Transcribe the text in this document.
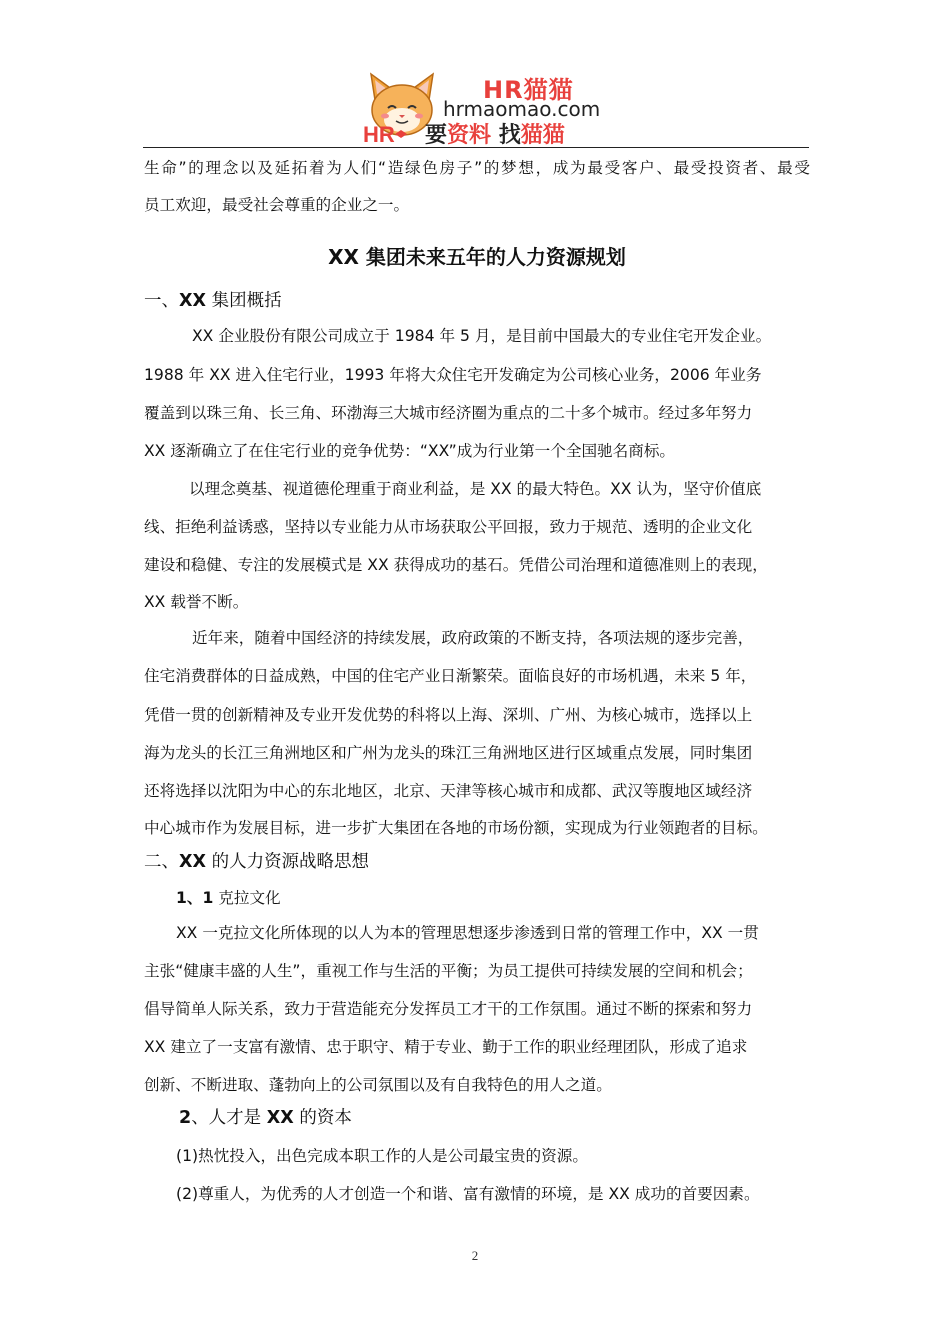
HR
HR猫猫
hrmaomao.com
要资料 找猫猫
生命”的理念以及延拓着为人们“造绿色房子”的梦想，成为最受客户、最受投资者、最受
员工欢迎，最受社会尊重的企业之一。
XX 集团未来五年的人力资源规划
一、XX 集团概括
XX 企业股份有限公司成立于 1984 年 5 月，是目前中国最大的专业住宅开发企业。
1988 年 XX 进入住宅行业，1993 年将大众住宅开发确定为公司核心业务，2006 年业务
覆盖到以珠三角、长三角、环渤海三大城市经济圈为重点的二十多个城市。经过多年努力
XX 逐渐确立了在住宅行业的竞争优势：“XX”成为行业第一个全国驰名商标。
以理念奠基、视道德伦理重于商业利益，是 XX 的最大特色。XX 认为，坚守价值底
线、拒绝利益诱惑，坚持以专业能力从市场获取公平回报，致力于规范、透明的企业文化
建设和稳健、专注的发展模式是 XX 获得成功的基石。凭借公司治理和道德准则上的表现，
XX 载誉不断。
近年来，随着中国经济的持续发展，政府政策的不断支持，各项法规的逐步完善，
住宅消费群体的日益成熟，中国的住宅产业日渐繁荣。面临良好的市场机遇，未来 5 年，
凭借一贯的创新精神及专业开发优势的科将以上海、深圳、广州、为核心城市，选择以上
海为龙头的长江三角洲地区和广州为龙头的珠江三角洲地区进行区域重点发展，同时集团
还将选择以沈阳为中心的东北地区，北京、天津等核心城市和成都、武汉等腹地区域经济
中心城市作为发展目标，进一步扩大集团在各地的市场份额，实现成为行业领跑者的目标。
二、XX 的人力资源战略思想
1、1 克拉文化
XX 一克拉文化所体现的以人为本的管理思想逐步渗透到日常的管理工作中，XX 一贯
主张“健康丰盛的人生”，重视工作与生活的平衡；为员工提供可持续发展的空间和机会；
倡导简单人际关系，致力于营造能充分发挥员工才干的工作氛围。通过不断的探索和努力
XX 建立了一支富有激情、忠于职守、精于专业、勤于工作的职业经理团队，形成了追求
创新、不断进取、蓬勃向上的公司氛围以及有自我特色的用人之道。
2、人才是 XX 的资本
(1)热忱投入，出色完成本职工作的人是公司最宝贵的资源。
(2)尊重人，为优秀的人才创造一个和谐、富有激情的环境，是 XX 成功的首要因素。
2
